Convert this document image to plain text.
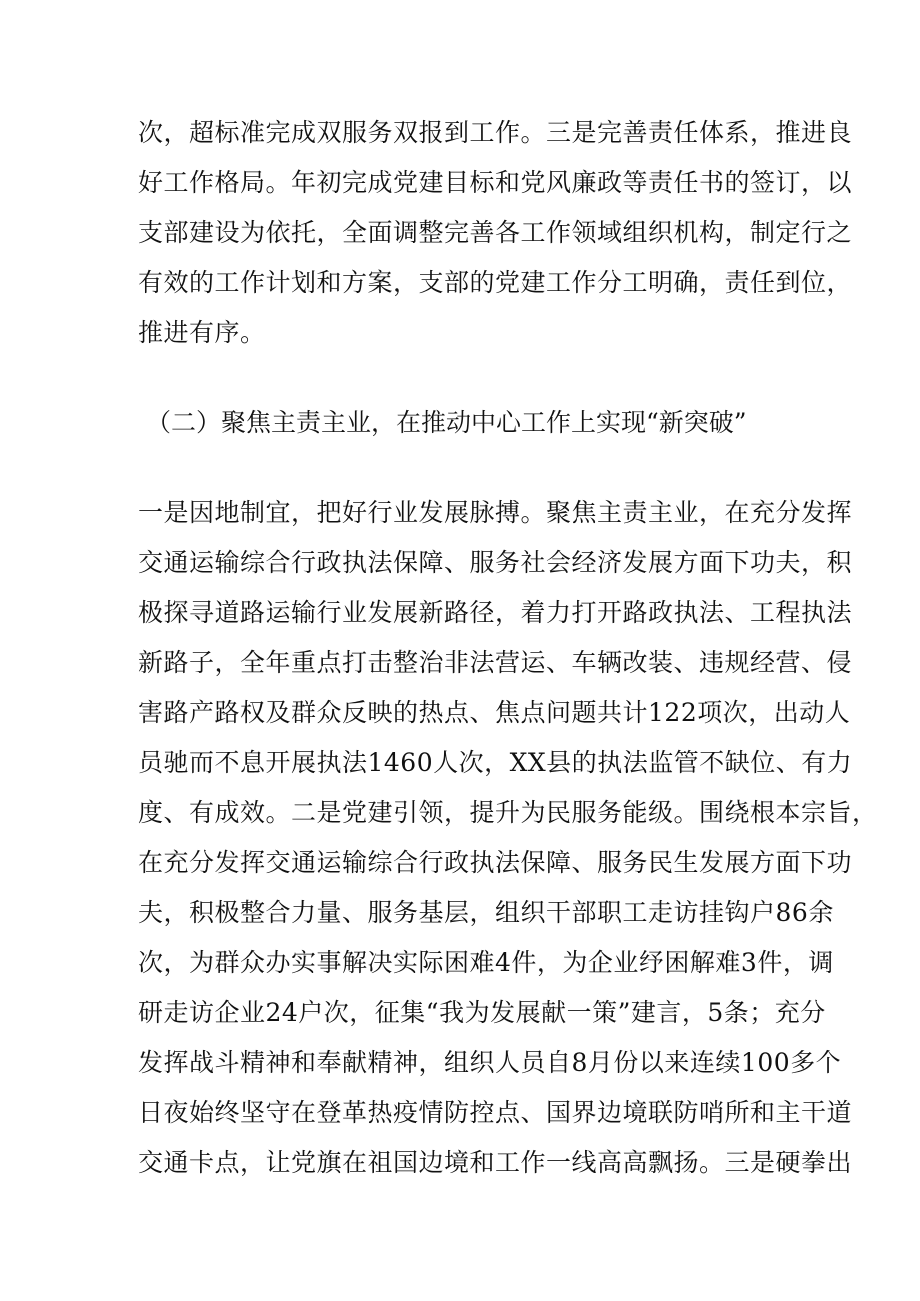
次，超标准完成双服务双报到工作。三是完善责任体系，推进良
好工作格局。年初完成党建目标和党风廉政等责任书的签订，以
支部建设为依托，全面调整完善各工作领域组织机构，制定行之
有效的工作计划和方案，支部的党建工作分工明确，责任到位，
推进有序。
（二）聚焦主责主业，在推动中心工作上实现“新突破”
一是因地制宜，把好行业发展脉搏。聚焦主责主业，在充分发挥
交通运输综合行政执法保障、服务社会经济发展方面下功夫，积
极探寻道路运输行业发展新路径，着力打开路政执法、工程执法
新路子，全年重点打击整治非法营运、车辆改装、违规经营、侵
害路产路权及群众反映的热点、焦点问题共计122项次，出动人
员驰而不息开展执法1460人次，XX县的执法监管不缺位、有力
度、有成效。二是党建引领，提升为民服务能级。围绕根本宗旨，
在充分发挥交通运输综合行政执法保障、服务民生发展方面下功
夫，积极整合力量、服务基层，组织干部职工走访挂钩户86余
次，为群众办实事解决实际困难4件，为企业纾困解难3件，调
研走访企业24户次，征集“我为发展献一策”建言，5条；充分
发挥战斗精神和奉献精神，组织人员自8月份以来连续100多个
日夜始终坚守在登革热疫情防控点、国界边境联防哨所和主干道
交通卡点，让党旗在祖国边境和工作一线高高飘扬。三是硬拳出
